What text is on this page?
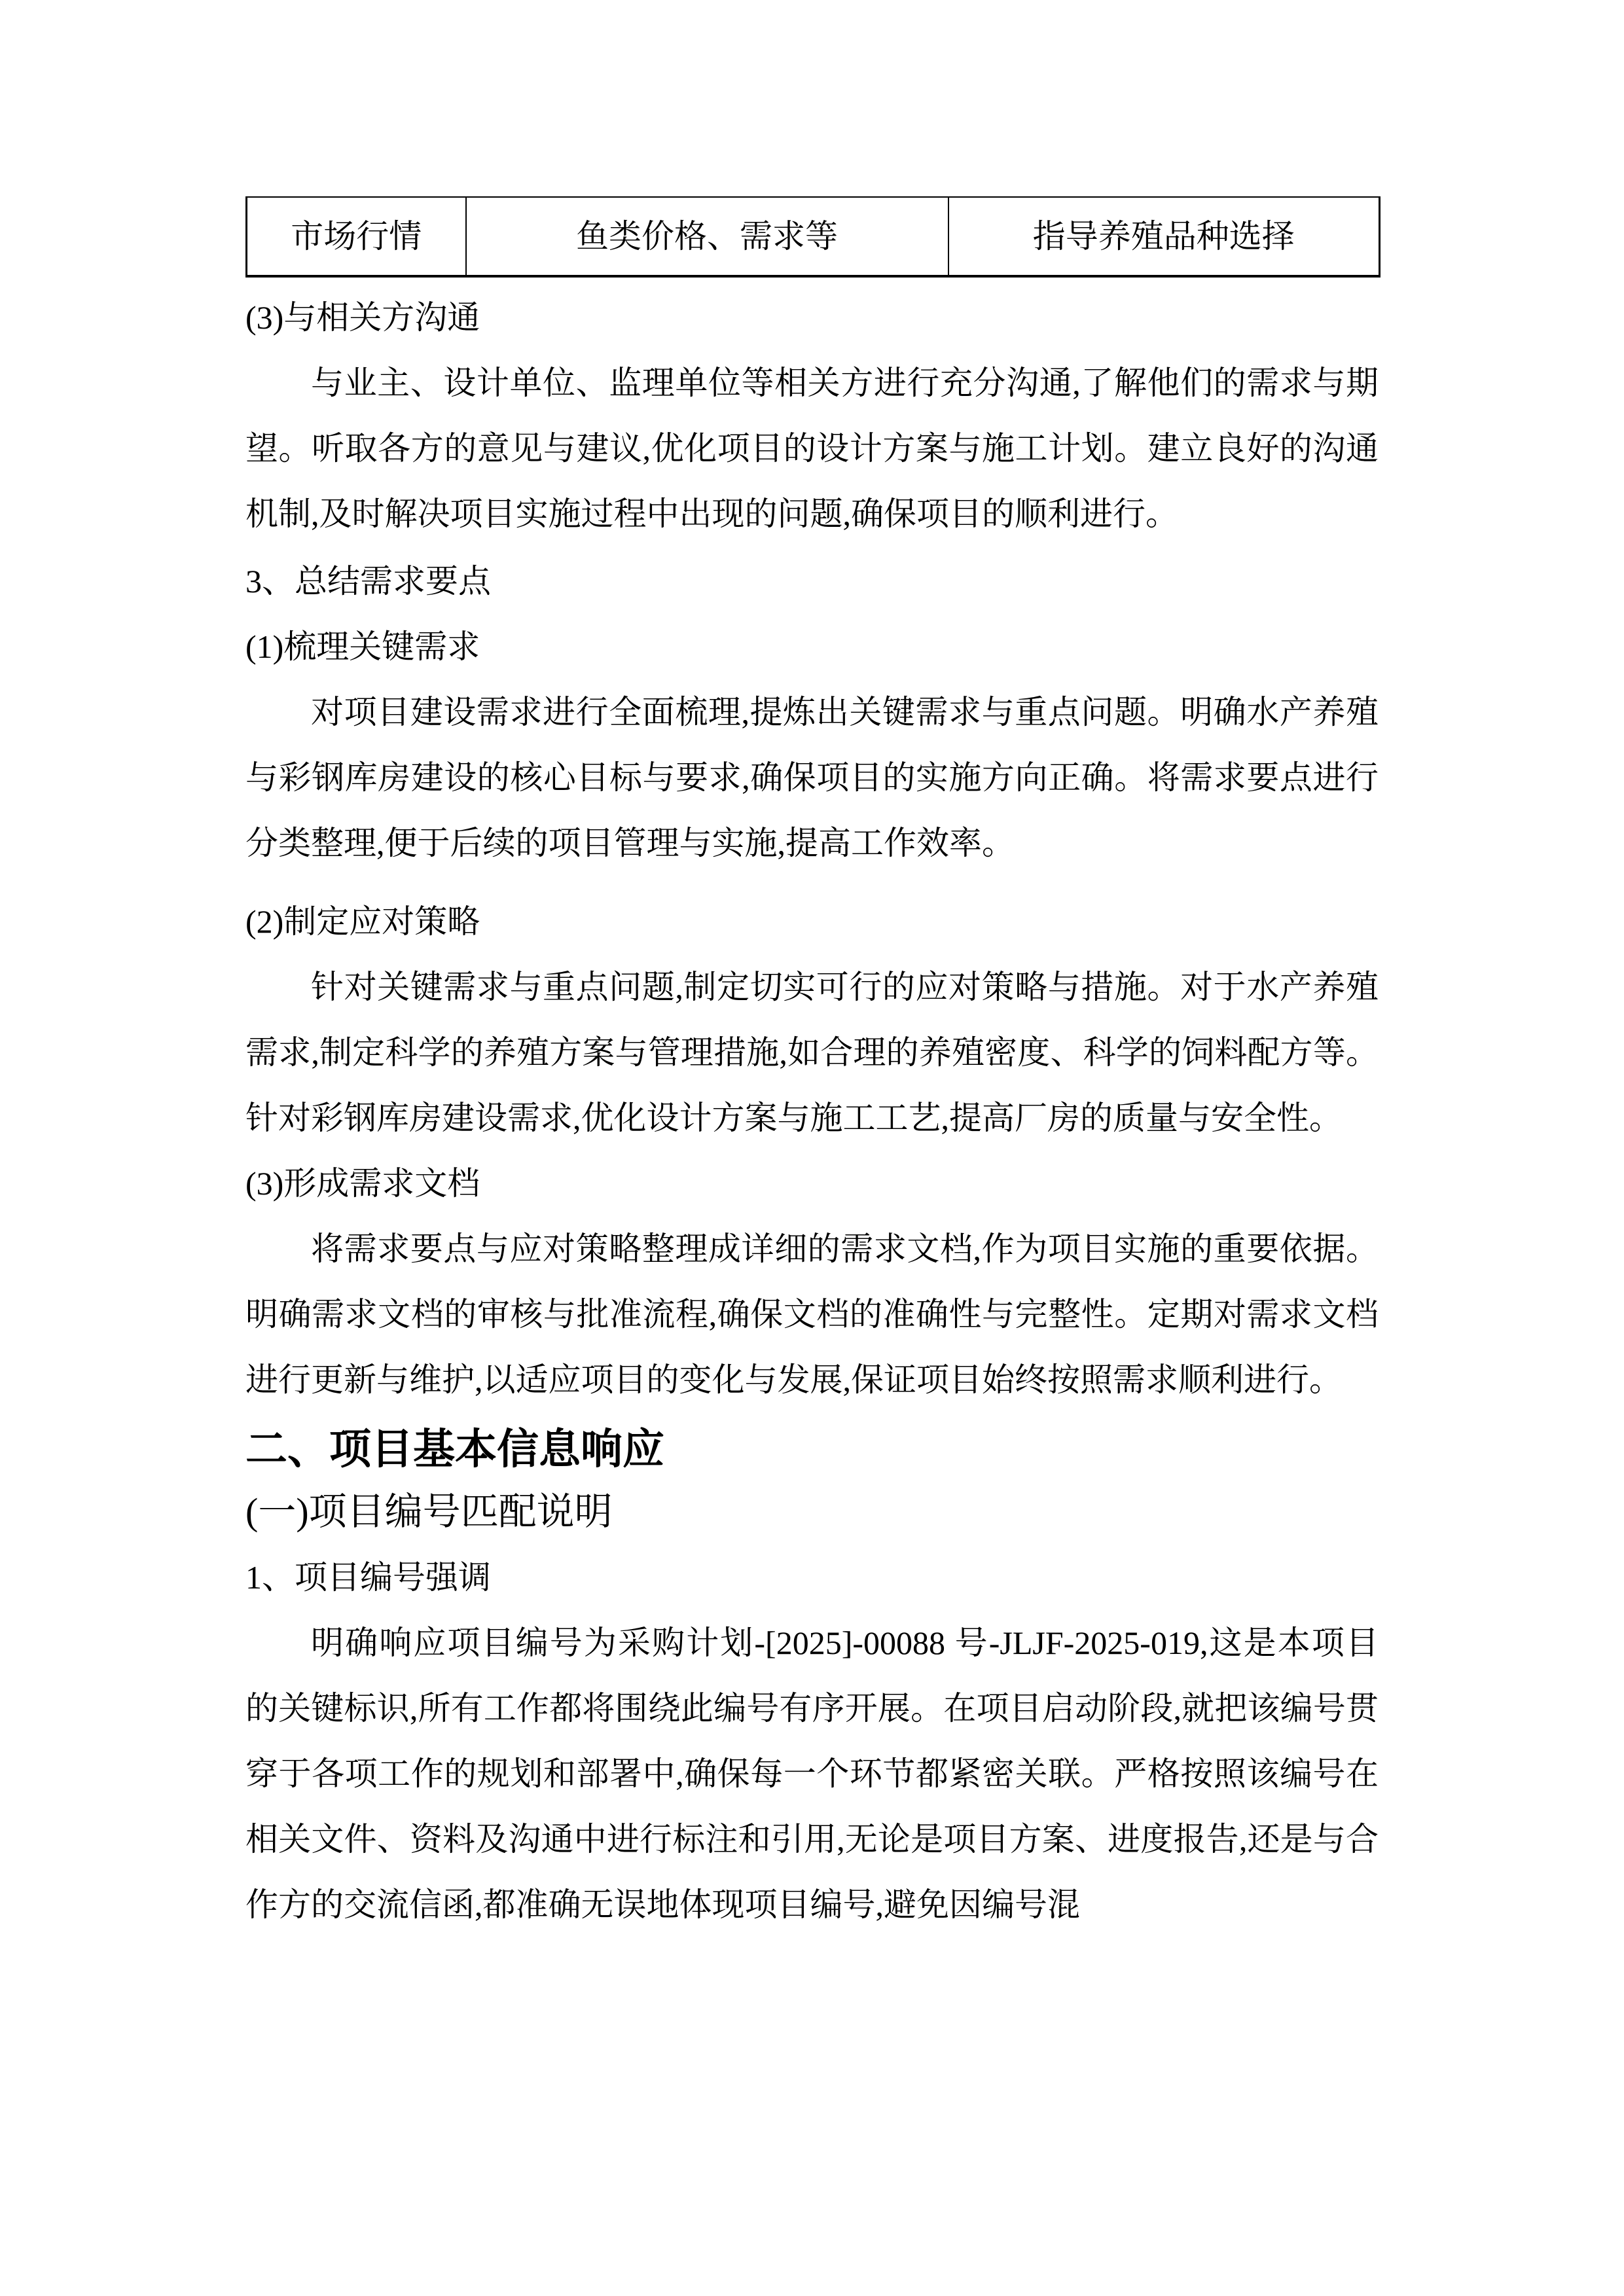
市场行情	鱼类价格、需求等	指导养殖品种选择
(3)与相关方沟通

与业主、设计单位、监理单位等相关方进行充分沟通,了解他们的需求与期望。听取各方的意见与建议,优化项目的设计方案与施工计划。建立良好的沟通机制,及时解决项目实施过程中出现的问题,确保项目的顺利进行。

3、总结需求要点
(1)梳理关键需求

对项目建设需求进行全面梳理,提炼出关键需求与重点问题。明确水产养殖与彩钢库房建设的核心目标与要求,确保项目的实施方向正确。将需求要点进行分类整理,便于后续的项目管理与实施,提高工作效率。

(2)制定应对策略

针对关键需求与重点问题,制定切实可行的应对策略与措施。对于水产养殖需求,制定科学的养殖方案与管理措施,如合理的养殖密度、科学的饲料配方等。针对彩钢库房建设需求,优化设计方案与施工工艺,提高厂房的质量与安全性。

(3)形成需求文档

将需求要点与应对策略整理成详细的需求文档,作为项目实施的重要依据。明确需求文档的审核与批准流程,确保文档的准确性与完整性。定期对需求文档进行更新与维护,以适应项目的变化与发展,保证项目始终按照需求顺利进行。

二、项目基本信息响应
(一)项目编号匹配说明
1、项目编号强调

明确响应项目编号为采购计划-[2025]-00088 号-JLJF-2025-019,这是本项目的关键标识,所有工作都将围绕此编号有序开展。在项目启动阶段,就把该编号贯穿于各项工作的规划和部署中,确保每一个环节都紧密关联。严格按照该编号在相关文件、资料及沟通中进行标注和引用,无论是项目方案、进度报告,还是与合作方的交流信函,都准确无误地体现项目编号,避免因编号混
